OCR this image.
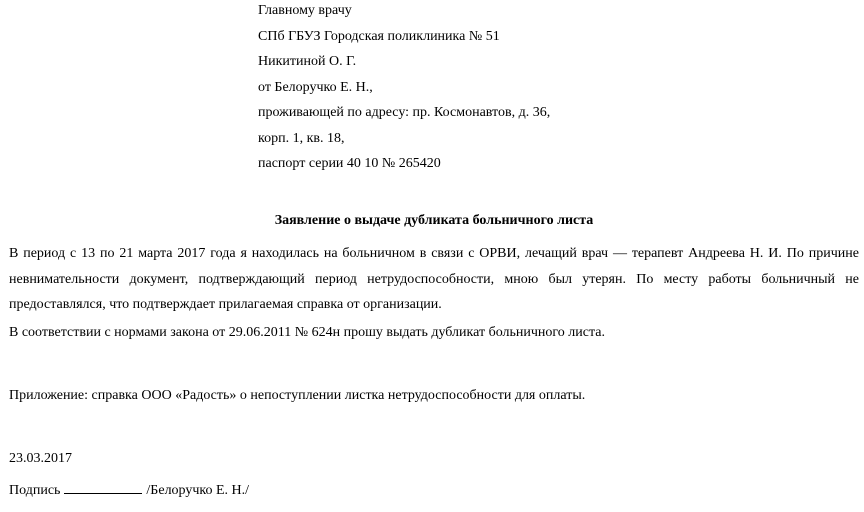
Главному врачу
СПб ГБУЗ Городская поликлиника № 51
Никитиной О. Г.
от Белоручко Е. Н.,
проживающей по адресу: пр. Космонавтов, д. 36,
корп. 1, кв. 18,
паспорт серии 40 10 № 265420
Заявление о выдаче дубликата больничного листа
В период с 13 по 21 марта 2017 года я находилась на больничном в связи с ОРВИ, лечащий врач — терапевт Андреева Н. И. По причине невнимательности документ, подтверждающий период нетрудоспособности, мною был утерян. По месту работы больничный не предоставлялся, что подтверждает прилагаемая справка от организации.
В соответствии с нормами закона от 29.06.2011 № 624н прошу выдать дубликат больничного листа.
Приложение: справка ООО «Радость» о непоступлении листка нетрудоспособности для оплаты.
23.03.2017
Подпись	/Белоручко Е. Н./
